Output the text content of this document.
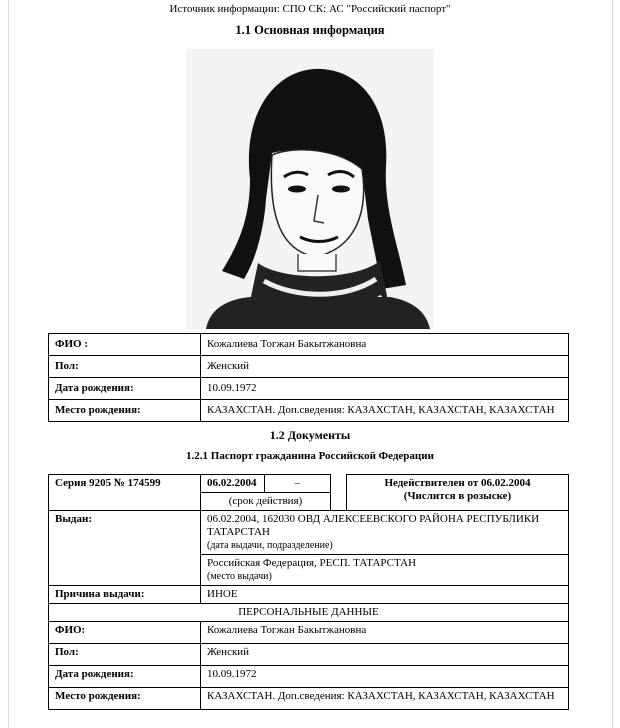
Источник информации: СПО СК: АС "Российский паспорт"
1.1 Основная информация
ФИО :	Кожалиева Тогжан Бакытжановна
Пол:	Женский
Дата рождения:	10.09.1972
Место рождения:	КАЗАХСТАН. Доп.сведения: КАЗАХСТАН, КАЗАХСТАН, КАЗАХСТАН
1.2 Документы
1.2.1 Паспорт гражданина Российской Федерации
Серия 9205 № 174599	06.02.2004	–		Недействителен от 06.02.2004
(Числится в розыске)

	(срок действия)			
Выдан:	06.02.2004, 162030 ОВД АЛЕКСЕЕВСКОГО РАЙОНА РЕСПУБЛИКИ ТАТАРСТАН
(дата выдачи, подразделение)			

	Российская Федерация, РЕСП. ТАТАРСТАН
(место выдачи)			

Причина выдачи:	ИНОЕ			
ПЕРСОНАЛЬНЫЕ ДАННЫЕ				
ФИО:	Кожалиева Тогжан Бакытжановна			
Пол:	Женский			
Дата рождения:	10.09.1972			
Место рождения:	КАЗАХСТАН. Доп.сведения: КАЗАХСТАН, КАЗАХСТАН, КАЗАХСТАН			
